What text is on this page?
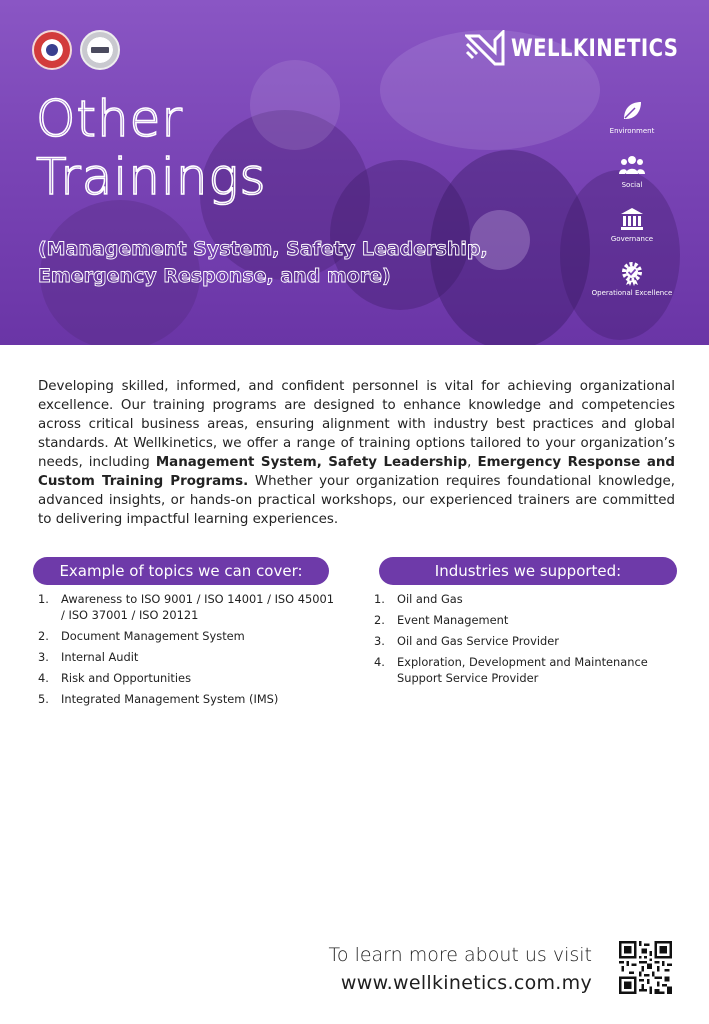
WELLKINETICS
Other
Trainings
(Management System, Safety Leadership, Emergency Response, and more)
Environment
Social
Governance
Operational Excellence

Developing skilled, informed, and confident personnel is vital for achieving organizational excellence. Our training programs are designed to enhance knowledge and competencies across critical business areas, ensuring alignment with industry best practices and global standards. At Wellkinetics, we offer a range of training options tailored to your organization’s needs, including Management System, Safety Leadership, Emergency Response and Custom Training Programs. Whether your organization requires foundational knowledge, advanced insights, or hands-on practical workshops, our experienced trainers are committed to delivering impactful learning experiences.

Example of topics we can cover:	Industries we supported:
1.	Awareness to ISO 9001 / ISO 14001 / ISO 45001 / ISO 37001 / ISO 20121
2.	Document Management System
3.	Internal Audit
4.	Risk and Opportunities
5.	Integrated Management System (IMS)
1.	Oil and Gas
2.	Event Management
3.	Oil and Gas Service Provider
4.	Exploration, Development and Maintenance Support Service Provider
To learn more about us visit
www.wellkinetics.com.my
